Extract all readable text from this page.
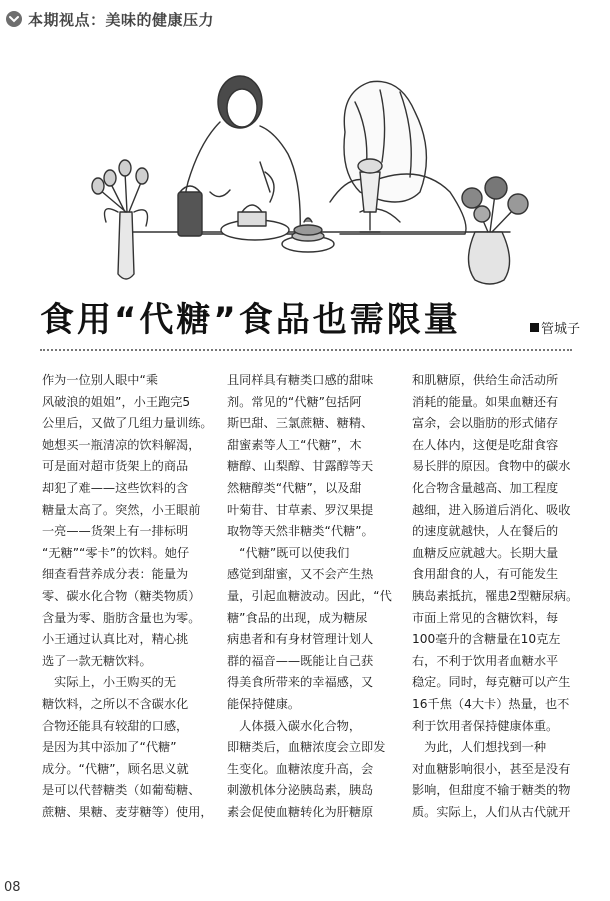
本期视点：美味的健康压力
食用“代糖”食品也需限量	管城子
作为一位别人眼中“乘
风破浪的姐姐”，小王跑完5
公里后，又做了几组力量训练。
她想买一瓶清凉的饮料解渴，
可是面对超市货架上的商品
却犯了难——这些饮料的含
糖量太高了。突然，小王眼前
一亮——货架上有一排标明
“无糖”“零卡”的饮料。她仔
细查看营养成分表：能量为
零、碳水化合物（糖类物质）
含量为零、脂肪含量也为零。
小王通过认真比对，精心挑
选了一款无糖饮料。
　实际上，小王购买的无
糖饮料，之所以不含碳水化
合物还能具有较甜的口感，
是因为其中添加了“代糖”
成分。“代糖”，顾名思义就
是可以代替糖类（如葡萄糖、
蔗糖、果糖、麦芽糖等）使用，
且同样具有糖类口感的甜味
剂。常见的“代糖”包括阿
斯巴甜、三氯蔗糖、糖精、
甜蜜素等人工“代糖”，木
糖醇、山梨醇、甘露醇等天
然糖醇类“代糖”，以及甜
叶菊苷、甘草素、罗汉果提
取物等天然非糖类“代糖”。
　“代糖”既可以使我们
感觉到甜蜜，又不会产生热
量，引起血糖波动。因此，“代
糖”食品的出现，成为糖尿
病患者和有身材管理计划人
群的福音——既能让自己获
得美食所带来的幸福感，又
能保持健康。
　人体摄入碳水化合物，
即糖类后，血糖浓度会立即发
生变化。血糖浓度升高，会
刺激机体分泌胰岛素，胰岛
素会促使血糖转化为肝糖原
和肌糖原，供给生命活动所
消耗的能量。如果血糖还有
富余，会以脂肪的形式储存
在人体内，这便是吃甜食容
易长胖的原因。食物中的碳水
化合物含量越高、加工程度
越细，进入肠道后消化、吸收
的速度就越快，人在餐后的
血糖反应就越大。长期大量
食用甜食的人，有可能发生
胰岛素抵抗，罹患2型糖尿病。
市面上常见的含糖饮料，每
100毫升的含糖量在10克左
右，不利于饮用者血糖水平
稳定。同时，每克糖可以产生
16千焦（4大卡）热量，也不
利于饮用者保持健康体重。
　为此，人们想找到一种
对血糖影响很小，甚至是没有
影响，但甜度不输于糖类的物
质。实际上，人们从古代就开
08
